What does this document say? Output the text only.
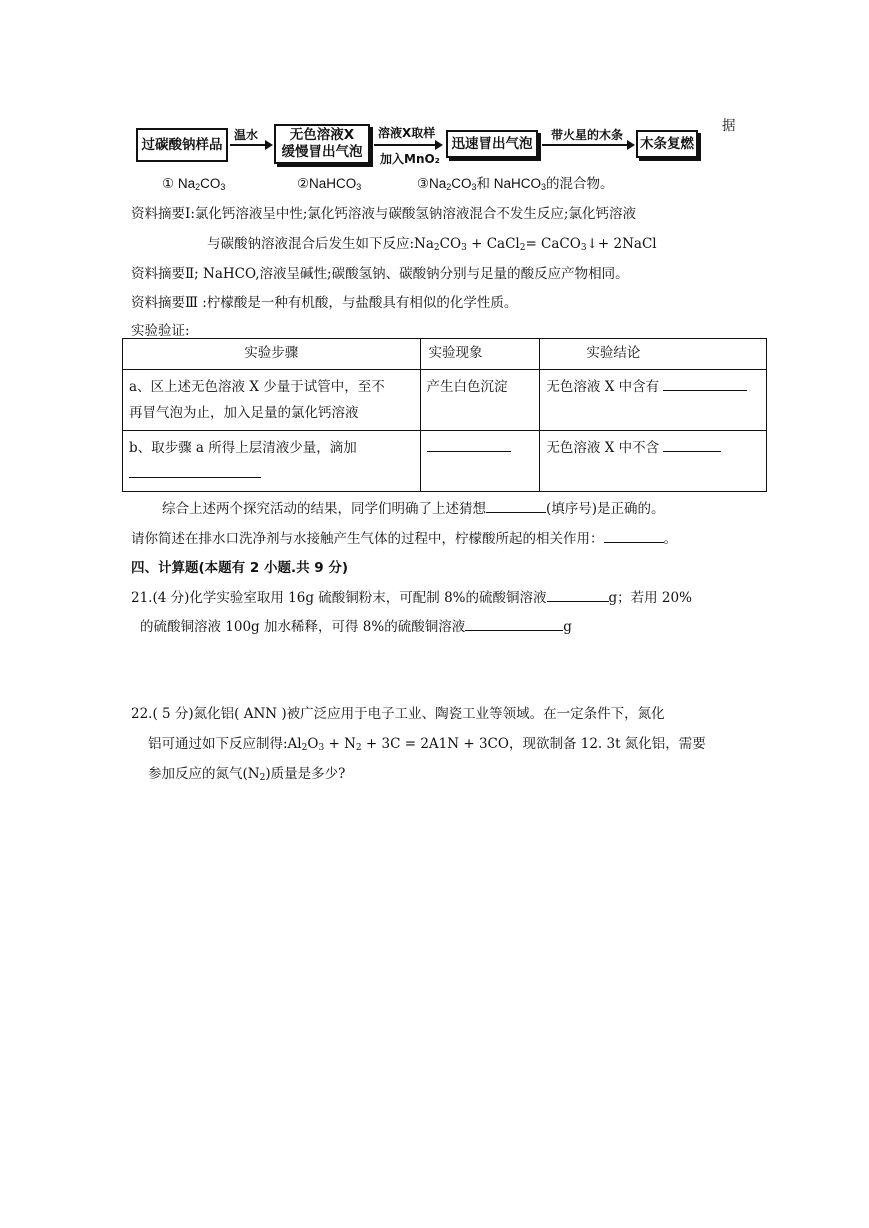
过碳酸钠样品
温水 无色溶液X
缓慢冒出气泡
溶液X取样
加入MnO₂
迅速冒出气泡
带火星的木条
木条复燃
据
① $Na_2CO_3$	②NaHCO$_3$	$③Na_2CO_3$和 NaHCO$_3$的混合物。
资料摘要Ⅰ:氯化钙溶液呈中性;氯化钙溶液与碳酸氢钠溶液混合不发生反应;氯化钙溶液
与碳酸钠溶液混合后发生如下反应$:Na_2CO_3$ + CaCl$_2$= CaCO$_3$↓+ 2NaCl
资料摘要Ⅱ; NaHCO,溶液呈碱性;碳酸氢钠、碳酸钠分别与足量的酸反应产物相同。
资料摘要Ⅲ :柠檬酸是一种有机酸，与盐酸具有相似的化学性质。
实验验证:
实验步骤	实验现象	实验结论

a、区上述无色溶液 X 少量于试管中，至不
再冒气泡为止，加入足量的氯化钙溶液	产生白色沉淀	无色溶液 X 中含有

b、取步骤 a 所得上层清液少量，滴加		无色溶液 X 中不含
综合上述两个探究活动的结果，同学们明确了上述猜想	(填序号)是正确的。
请你简述在排水口洗净剂与水接触产生气体的过程中，柠檬酸所起的相关作用：	。
四、计算题(本题有 2 小题.共 9 分)
21.(4 分)化学实验室取用 16g 硫酸铜粉末，可配制 8%的硫酸铜溶液	g；若用 20%
的硫酸铜溶液 100g 加水稀释，可得 8%的硫酸铜溶液	g
22.( 5 分)氮化铝( ANN )被广泛应用于电子工业、陶瓷工业等领域。在一定条件下，氮化
铝可通过如下反应制得$:Al_2O_3 + N_2 + 3C = 2A1N + 3CO$，现欲制备 12. 3t 氮化铝，需要
参加反应的氮气$(N_2)$质量是多少?
